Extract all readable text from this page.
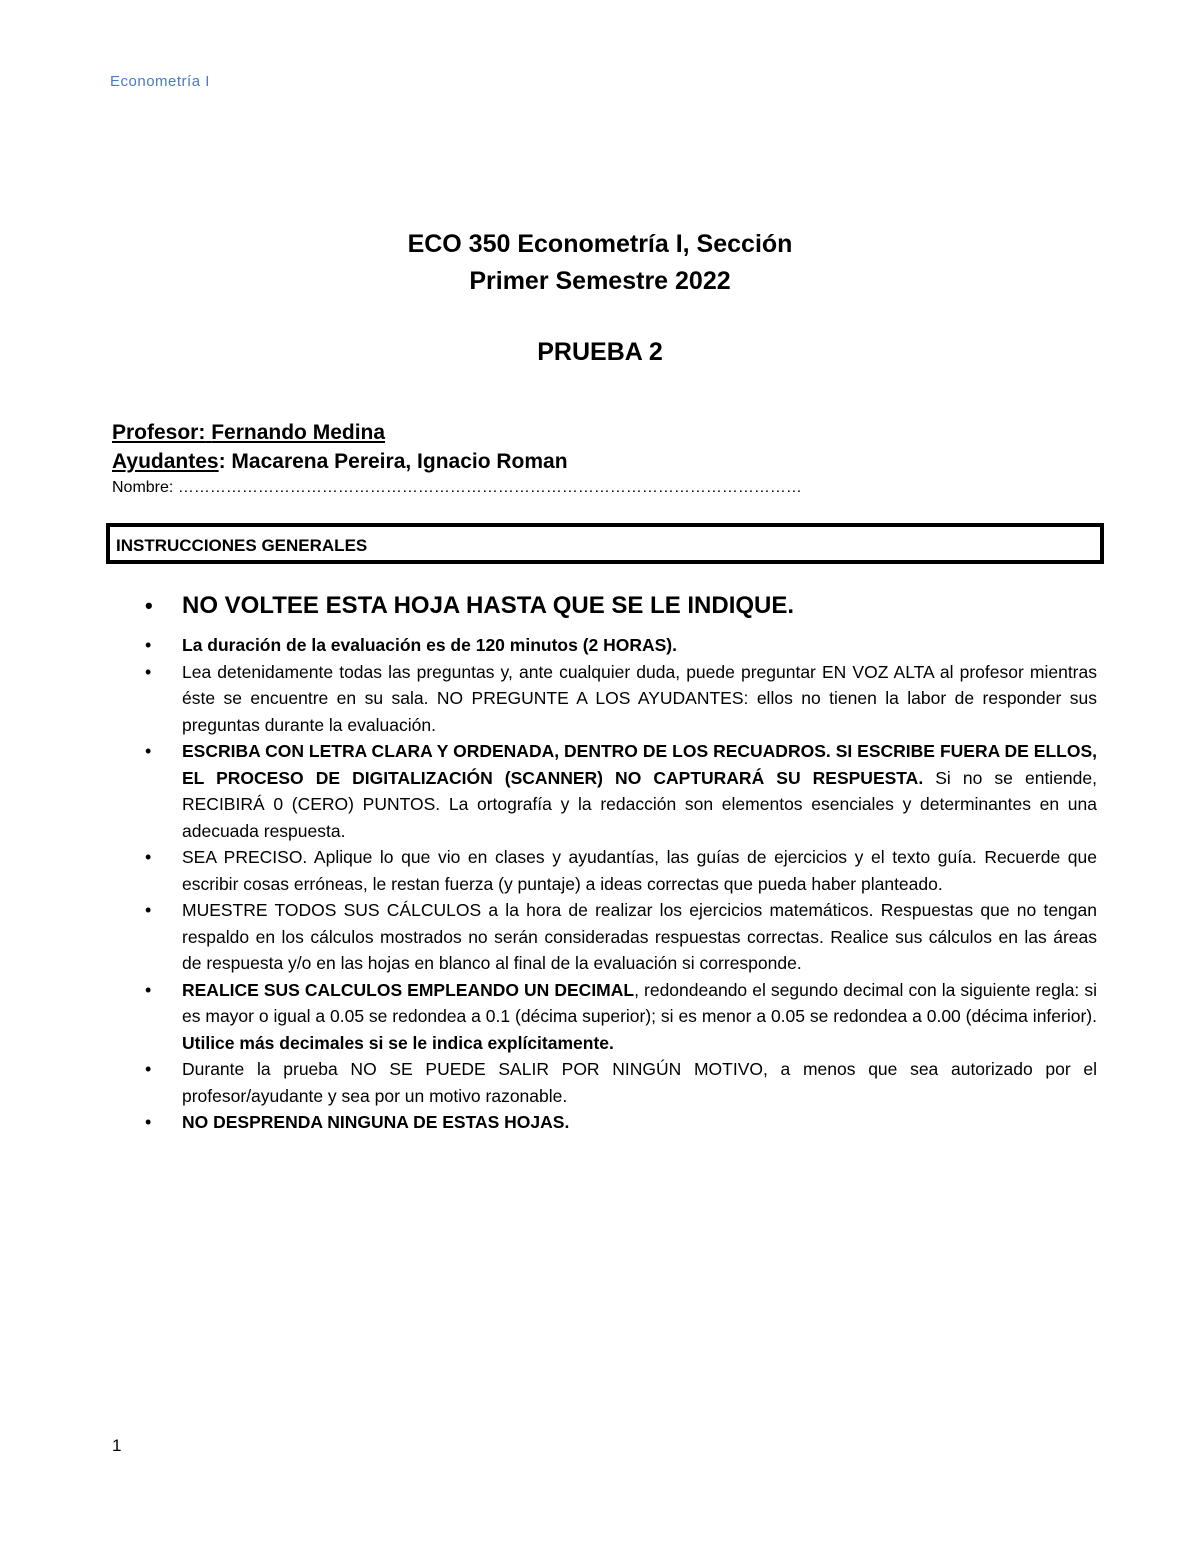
Econometría I
ECO 350 Econometría I, Sección
Primer Semestre 2022
PRUEBA 2
Profesor: Fernando Medina
Ayudantes: Macarena Pereira, Ignacio Roman
Nombre: ………………………………………………………………………………………………………
INSTRUCCIONES GENERALES
• NO VOLTEE ESTA HOJA HASTA QUE SE LE INDIQUE.
• La duración de la evaluación es de 120 minutos (2 HORAS).
• Lea detenidamente todas las preguntas y, ante cualquier duda, puede preguntar EN VOZ ALTA al profesor mientras éste se encuentre en su sala. NO PREGUNTE A LOS AYUDANTES: ellos no tienen la labor de responder sus preguntas durante la evaluación.
• ESCRIBA CON LETRA CLARA Y ORDENADA, DENTRO DE LOS RECUADROS. SI ESCRIBE FUERA DE ELLOS, EL PROCESO DE DIGITALIZACIÓN (SCANNER) NO CAPTURARÁ SU RESPUESTA. Si no se entiende, RECIBIRÁ 0 (CERO) PUNTOS. La ortografía y la redacción son elementos esenciales y determinantes en una adecuada respuesta.
• SEA PRECISO. Aplique lo que vio en clases y ayudantías, las guías de ejercicios y el texto guía. Recuerde que escribir cosas erróneas, le restan fuerza (y puntaje) a ideas correctas que pueda haber planteado.
• MUESTRE TODOS SUS CÁLCULOS a la hora de realizar los ejercicios matemáticos. Respuestas que no tengan respaldo en los cálculos mostrados no serán consideradas respuestas correctas. Realice sus cálculos en las áreas de respuesta y/o en las hojas en blanco al final de la evaluación si corresponde.
• REALICE SUS CALCULOS EMPLEANDO UN DECIMAL, redondeando el segundo decimal con la siguiente regla: si es mayor o igual a 0.05 se redondea a 0.1 (décima superior); si es menor a 0.05 se redondea a 0.00 (décima inferior). Utilice más decimales si se le indica explícitamente.
• Durante la prueba NO SE PUEDE SALIR POR NINGÚN MOTIVO, a menos que sea autorizado por el profesor/ayudante y sea por un motivo razonable.
• NO DESPRENDA NINGUNA DE ESTAS HOJAS.
1
